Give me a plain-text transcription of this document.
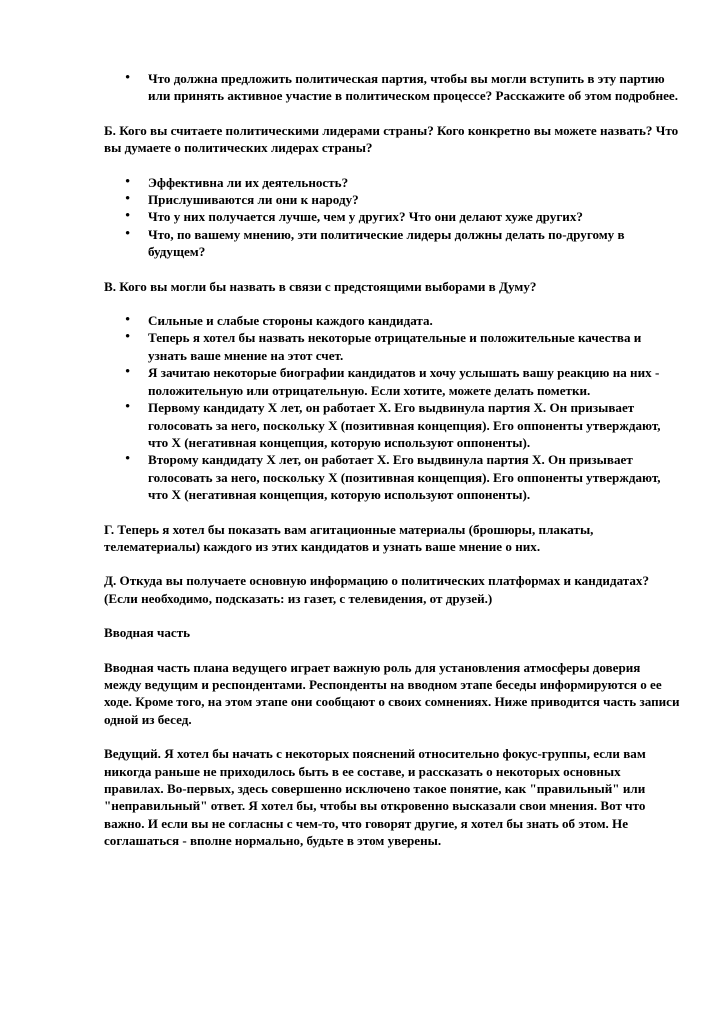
• Что должна предложить политическая партия, чтобы вы могли вступить в эту партию или принять активное участие в политическом процессе? Расскажите об этом подробнее.

Б. Кого вы считаете политическими лидерами страны? Кого конкретно вы можете назвать? Что вы думаете о политических лидерах страны?

• Эффективна ли их деятельность?
• Прислушиваются ли они к народу?
• Что у них получается лучше, чем у других? Что они делают хуже других?
• Что, по вашему мнению, эти политические лидеры должны делать по-другому в будущем?

В. Кого вы могли бы назвать в связи с предстоящими выборами в Думу?

• Сильные и слабые стороны каждого кандидата.
• Теперь я хотел бы назвать некоторые отрицательные и положительные качества и узнать ваше мнение на этот счет.
• Я зачитаю некоторые биографии кандидатов и хочу услышать вашу реакцию на них - положительную или отрицательную. Если хотите, можете делать пометки.
• Первому кандидату X лет, он работает X. Его выдвинула партия X. Он призывает голосовать за него, поскольку X (позитивная концепция). Его оппоненты утверждают, что X (негативная концепция, которую используют оппоненты).
• Второму кандидату X лет, он работает X. Его выдвинула партия X. Он призывает голосовать за него, поскольку X (позитивная концепция). Его оппоненты утверждают, что X (негативная концепция, которую используют оппоненты).

Г. Теперь я хотел бы показать вам агитационные материалы (брошюры, плакаты, телематериалы) каждого из этих кандидатов и узнать ваше мнение о них.

Д. Откуда вы получаете основную информацию о политических платформах и кандидатах? (Если необходимо, подсказать: из газет, с телевидения, от друзей.)

Вводная часть

Вводная часть плана ведущего играет важную роль для установления атмосферы доверия между ведущим и респондентами. Респонденты на вводном этапе беседы информируются о ее ходе. Кроме того, на этом этапе они сообщают о своих сомнениях. Ниже приводится часть записи одной из бесед.

Ведущий. Я хотел бы начать с некоторых пояснений относительно фокус-группы, если вам никогда раньше не приходилось быть в ее составе, и рассказать о некоторых основных правилах. Во-первых, здесь совершенно исключено такое понятие, как "правильный" или "неправильный" ответ. Я хотел бы, чтобы вы откровенно высказали свои мнения. Вот что важно. И если вы не согласны с чем-то, что говорят другие, я хотел бы знать об этом. Не соглашаться - вполне нормально, будьте в этом уверены.
